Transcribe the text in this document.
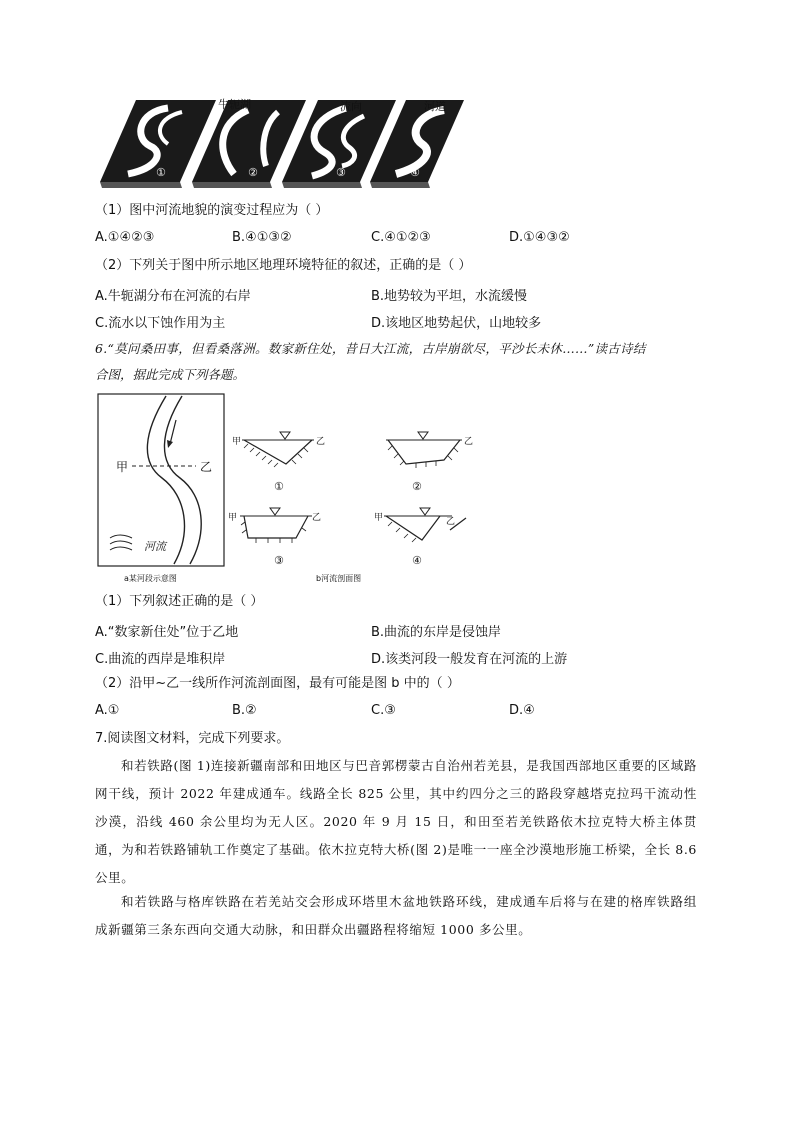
牛轭湖	流向	河道
①	②	③	④
（1）图中河流地貌的演变过程应为（ ）
A.①④②③	B.④①③②	C.④①②③	D.①④③②
（2）下列关于图中所示地区地理环境特征的叙述，正确的是（ ）
A.牛轭湖分布在河流的右岸	B.地势较为平坦，水流缓慢
C.流水以下蚀作用为主	D.该地区地势起伏，山地较多
6.“莫问桑田事，但看桑落洲。数家新住处，昔日大江流，古岸崩欲尽，平沙长未休……”读古诗结
合图，据此完成下列各题。
甲	乙
河流
a某河段示意图
甲	乙
①
乙
②
甲	乙
③
甲	乙
④
b河流剖面图
（1）下列叙述正确的是（ ）
A.“数家新住处”位于乙地	B.曲流的东岸是侵蚀岸
C.曲流的西岸是堆积岸	D.该类河段一般发育在河流的上游
（2）沿甲~乙一线所作河流剖面图，最有可能是图 b 中的（ ）
A.①	B.②	C.③	D.④
7.阅读图文材料，完成下列要求。
和若铁路(图 1)连接新疆南部和田地区与巴音郭楞蒙古自治州若羌县，是我国西部地区重要的区域路网干线，预计 2022 年建成通车。线路全长 825 公里，其中约四分之三的路段穿越塔克拉玛干流动性沙漠，沿线 460 余公里均为无人区。2020 年 9 月 15 日，和田至若羌铁路依木拉克特大桥主体贯通，为和若铁路铺轨工作奠定了基础。依木拉克特大桥(图 2)是唯一一座全沙漠地形施工桥梁，全长 8.6 公里。
和若铁路与格库铁路在若羌站交会形成环塔里木盆地铁路环线，建成通车后将与在建的格库铁路组成新疆第三条东西向交通大动脉，和田群众出疆路程将缩短 1000 多公里。
